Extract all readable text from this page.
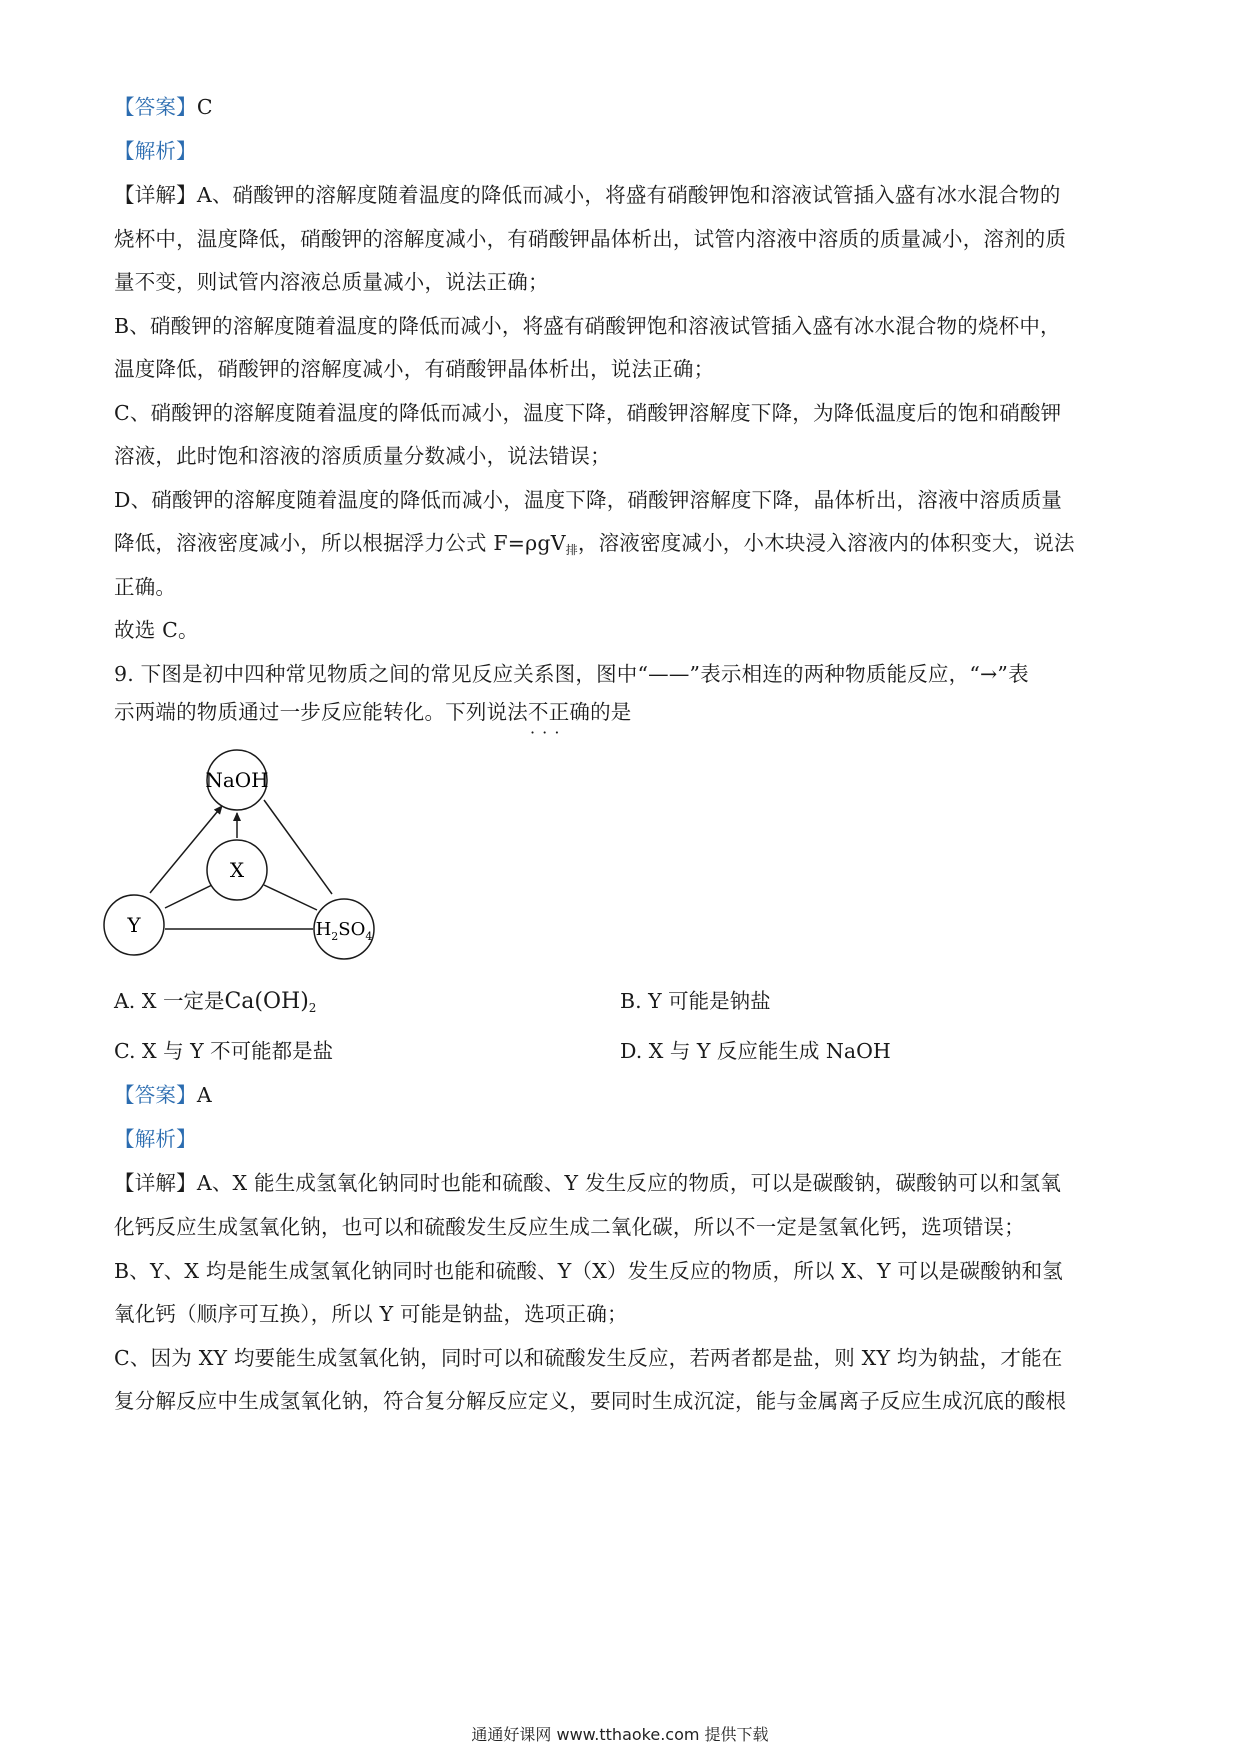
【答案】C
【解析】
【详解】A、硝酸钾的溶解度随着温度的降低而减小，将盛有硝酸钾饱和溶液试管插入盛有冰水混合物的
烧杯中，温度降低，硝酸钾的溶解度减小，有硝酸钾晶体析出，试管内溶液中溶质的质量减小，溶剂的质
量不变，则试管内溶液总质量减小，说法正确；
B、硝酸钾的溶解度随着温度的降低而减小，将盛有硝酸钾饱和溶液试管插入盛有冰水混合物的烧杯中，
温度降低，硝酸钾的溶解度减小，有硝酸钾晶体析出，说法正确；
C、硝酸钾的溶解度随着温度的降低而减小，温度下降，硝酸钾溶解度下降，为降低温度后的饱和硝酸钾
溶液，此时饱和溶液的溶质质量分数减小，说法错误；
D、硝酸钾的溶解度随着温度的降低而减小，温度下降，硝酸钾溶解度下降，晶体析出，溶液中溶质质量
降低，溶液密度减小，所以根据浮力公式 F=ρgV$_排$，溶液密度减小，小木块浸入溶液内的体积变大，说法
正确。
故选 C。
9. 下图是初中四种常见物质之间的常见反应关系图，图中“——”表示相连的两种物质能反应，“→”表
示两端的物质通过一步反应能转化。下列说法不正确 · · ·的是
NaOH
X
Y	$H_2SO_4$
A. X 一定是$Ca(OH)_2$	B. Y 可能是钠盐
C. X 与 Y 不可能都是盐	D. X 与 Y 反应能生成 NaOH
【答案】A
【解析】
【详解】A、X 能生成氢氧化钠同时也能和硫酸、Y 发生反应的物质，可以是碳酸钠，碳酸钠可以和氢氧
化钙反应生成氢氧化钠，也可以和硫酸发生反应生成二氧化碳，所以不一定是氢氧化钙，选项错误；
B、Y、X 均是能生成氢氧化钠同时也能和硫酸、Y（X）发生反应的物质，所以 X、Y 可以是碳酸钠和氢
氧化钙（顺序可互换），所以 Y 可能是钠盐，选项正确；
C、因为 XY 均要能生成氢氧化钠，同时可以和硫酸发生反应，若两者都是盐，则 XY 均为钠盐，才能在
复分解反应中生成氢氧化钠，符合复分解反应定义，要同时生成沉淀，能与金属离子反应生成沉底的酸根
通通好课网 www.tthaoke.com 提供下载
